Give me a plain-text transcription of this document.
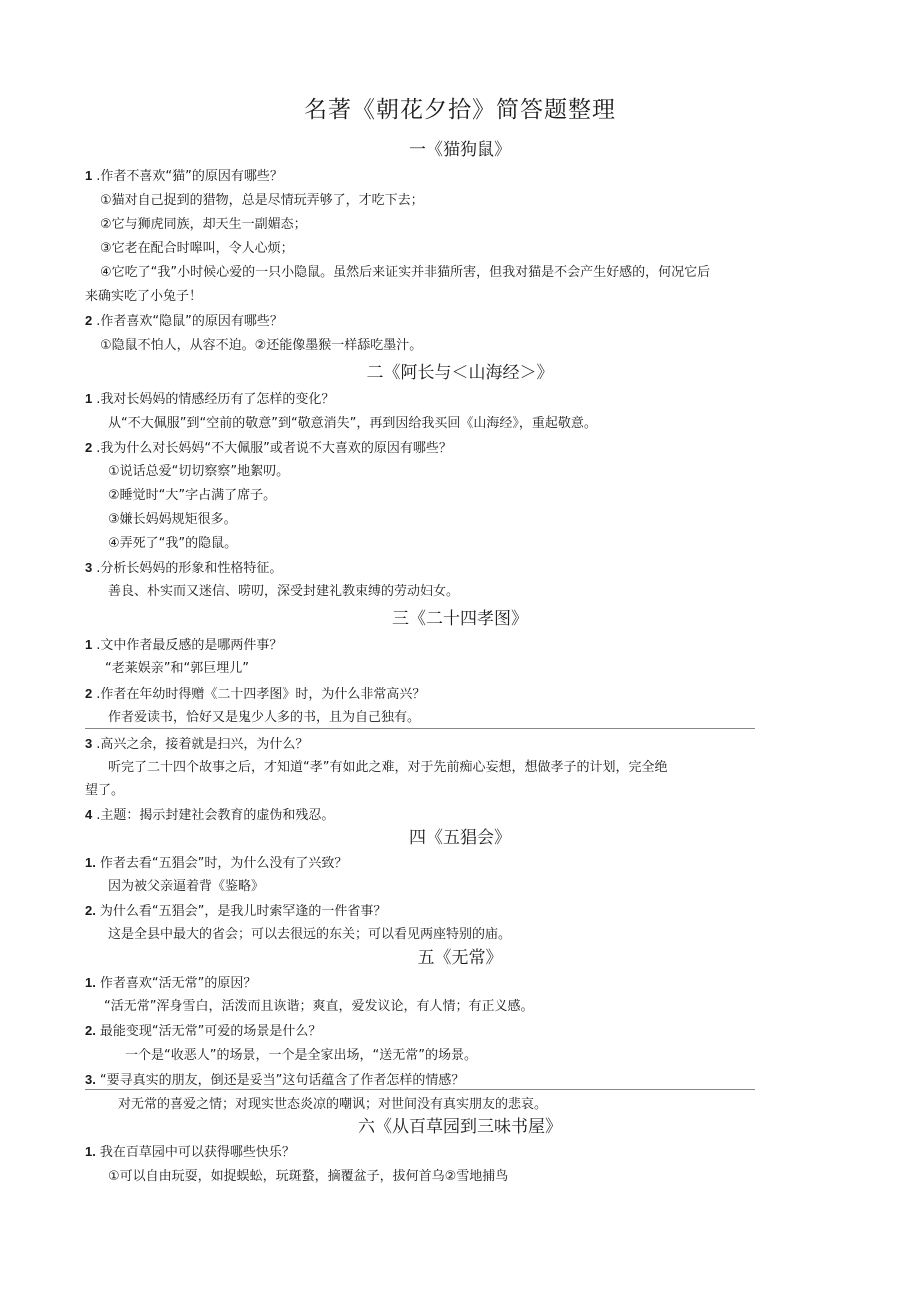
名著《朝花夕拾》简答题整理
一《猫狗鼠》
1 .作者不喜欢“猫”的原因有哪些？
①猫对自己捉到的猎物，总是尽情玩弄够了，才吃下去；
②它与狮虎同族，却天生一副媚态；
③它老在配合时嗥叫，令人心烦；
④它吃了“我”小时候心爱的一只小隐鼠。虽然后来证实并非猫所害，但我对猫是不会产生好感的，何况它后
来确实吃了小兔子！
2 .作者喜欢“隐鼠”的原因有哪些？
①隐鼠不怕人，从容不迫。②还能像墨猴一样舔吃墨汁。
二《阿长与＜山海经＞》
1 .我对长妈妈的情感经历有了怎样的变化？
从“不大佩服”到“空前的敬意”到“敬意消失”，再到因给我买回《山海经》，重起敬意。
2 .我为什么对长妈妈“不大佩服”或者说不大喜欢的原因有哪些？
①说话总爱“切切察察”地絮叨。
②睡觉时“大”字占满了席子。
③嫌长妈妈规矩很多。
④弄死了“我”的隐鼠。
3 .分析长妈妈的形象和性格特征。
善良、朴实而又迷信、唠叨，深受封建礼教束缚的劳动妇女。
三《二十四孝图》
1 .文中作者最反感的是哪两件事？
“老莱娱亲”和“郭巨埋儿”
2 .作者在年幼时得赠《二十四孝图》时，为什么非常高兴？
作者爱读书，恰好又是鬼少人多的书，且为自己独有。
3 .高兴之余，接着就是扫兴，为什么？
听完了二十四个故事之后，才知道“孝”有如此之难，对于先前痴心妄想，想做孝子的计划，完全绝
望了。
4 .主题：揭示封建社会教育的虚伪和残忍。
四《五猖会》
1. 作者去看“五猖会”时，为什么没有了兴致？
因为被父亲逼着背《鉴略》
2. 为什么看“五猖会”，是我儿时索罕逢的一件省事？
这是全县中最大的省会；可以去很远的东关；可以看见两座特别的庙。
五《无常》
1. 作者喜欢“活无常”的原因？
“活无常”浑身雪白，活泼而且诙谐；爽直，爱发议论，有人情；有正义感。
2. 最能变现“活无常”可爱的场景是什么？
一个是“收恶人”的场景，一个是全家出场，“送无常”的场景。
3. “要寻真实的朋友，倒还是妥当”这句话蕴含了作者怎样的情感？
对无常的喜爱之情；对现实世态炎凉的嘲讽；对世间没有真实朋友的悲哀。
六《从百草园到三味书屋》
1. 我在百草园中可以获得哪些快乐？
①可以自由玩耍，如捉蜈蚣，玩斑蝥，摘覆盆子，拔何首乌②雪地捕鸟
